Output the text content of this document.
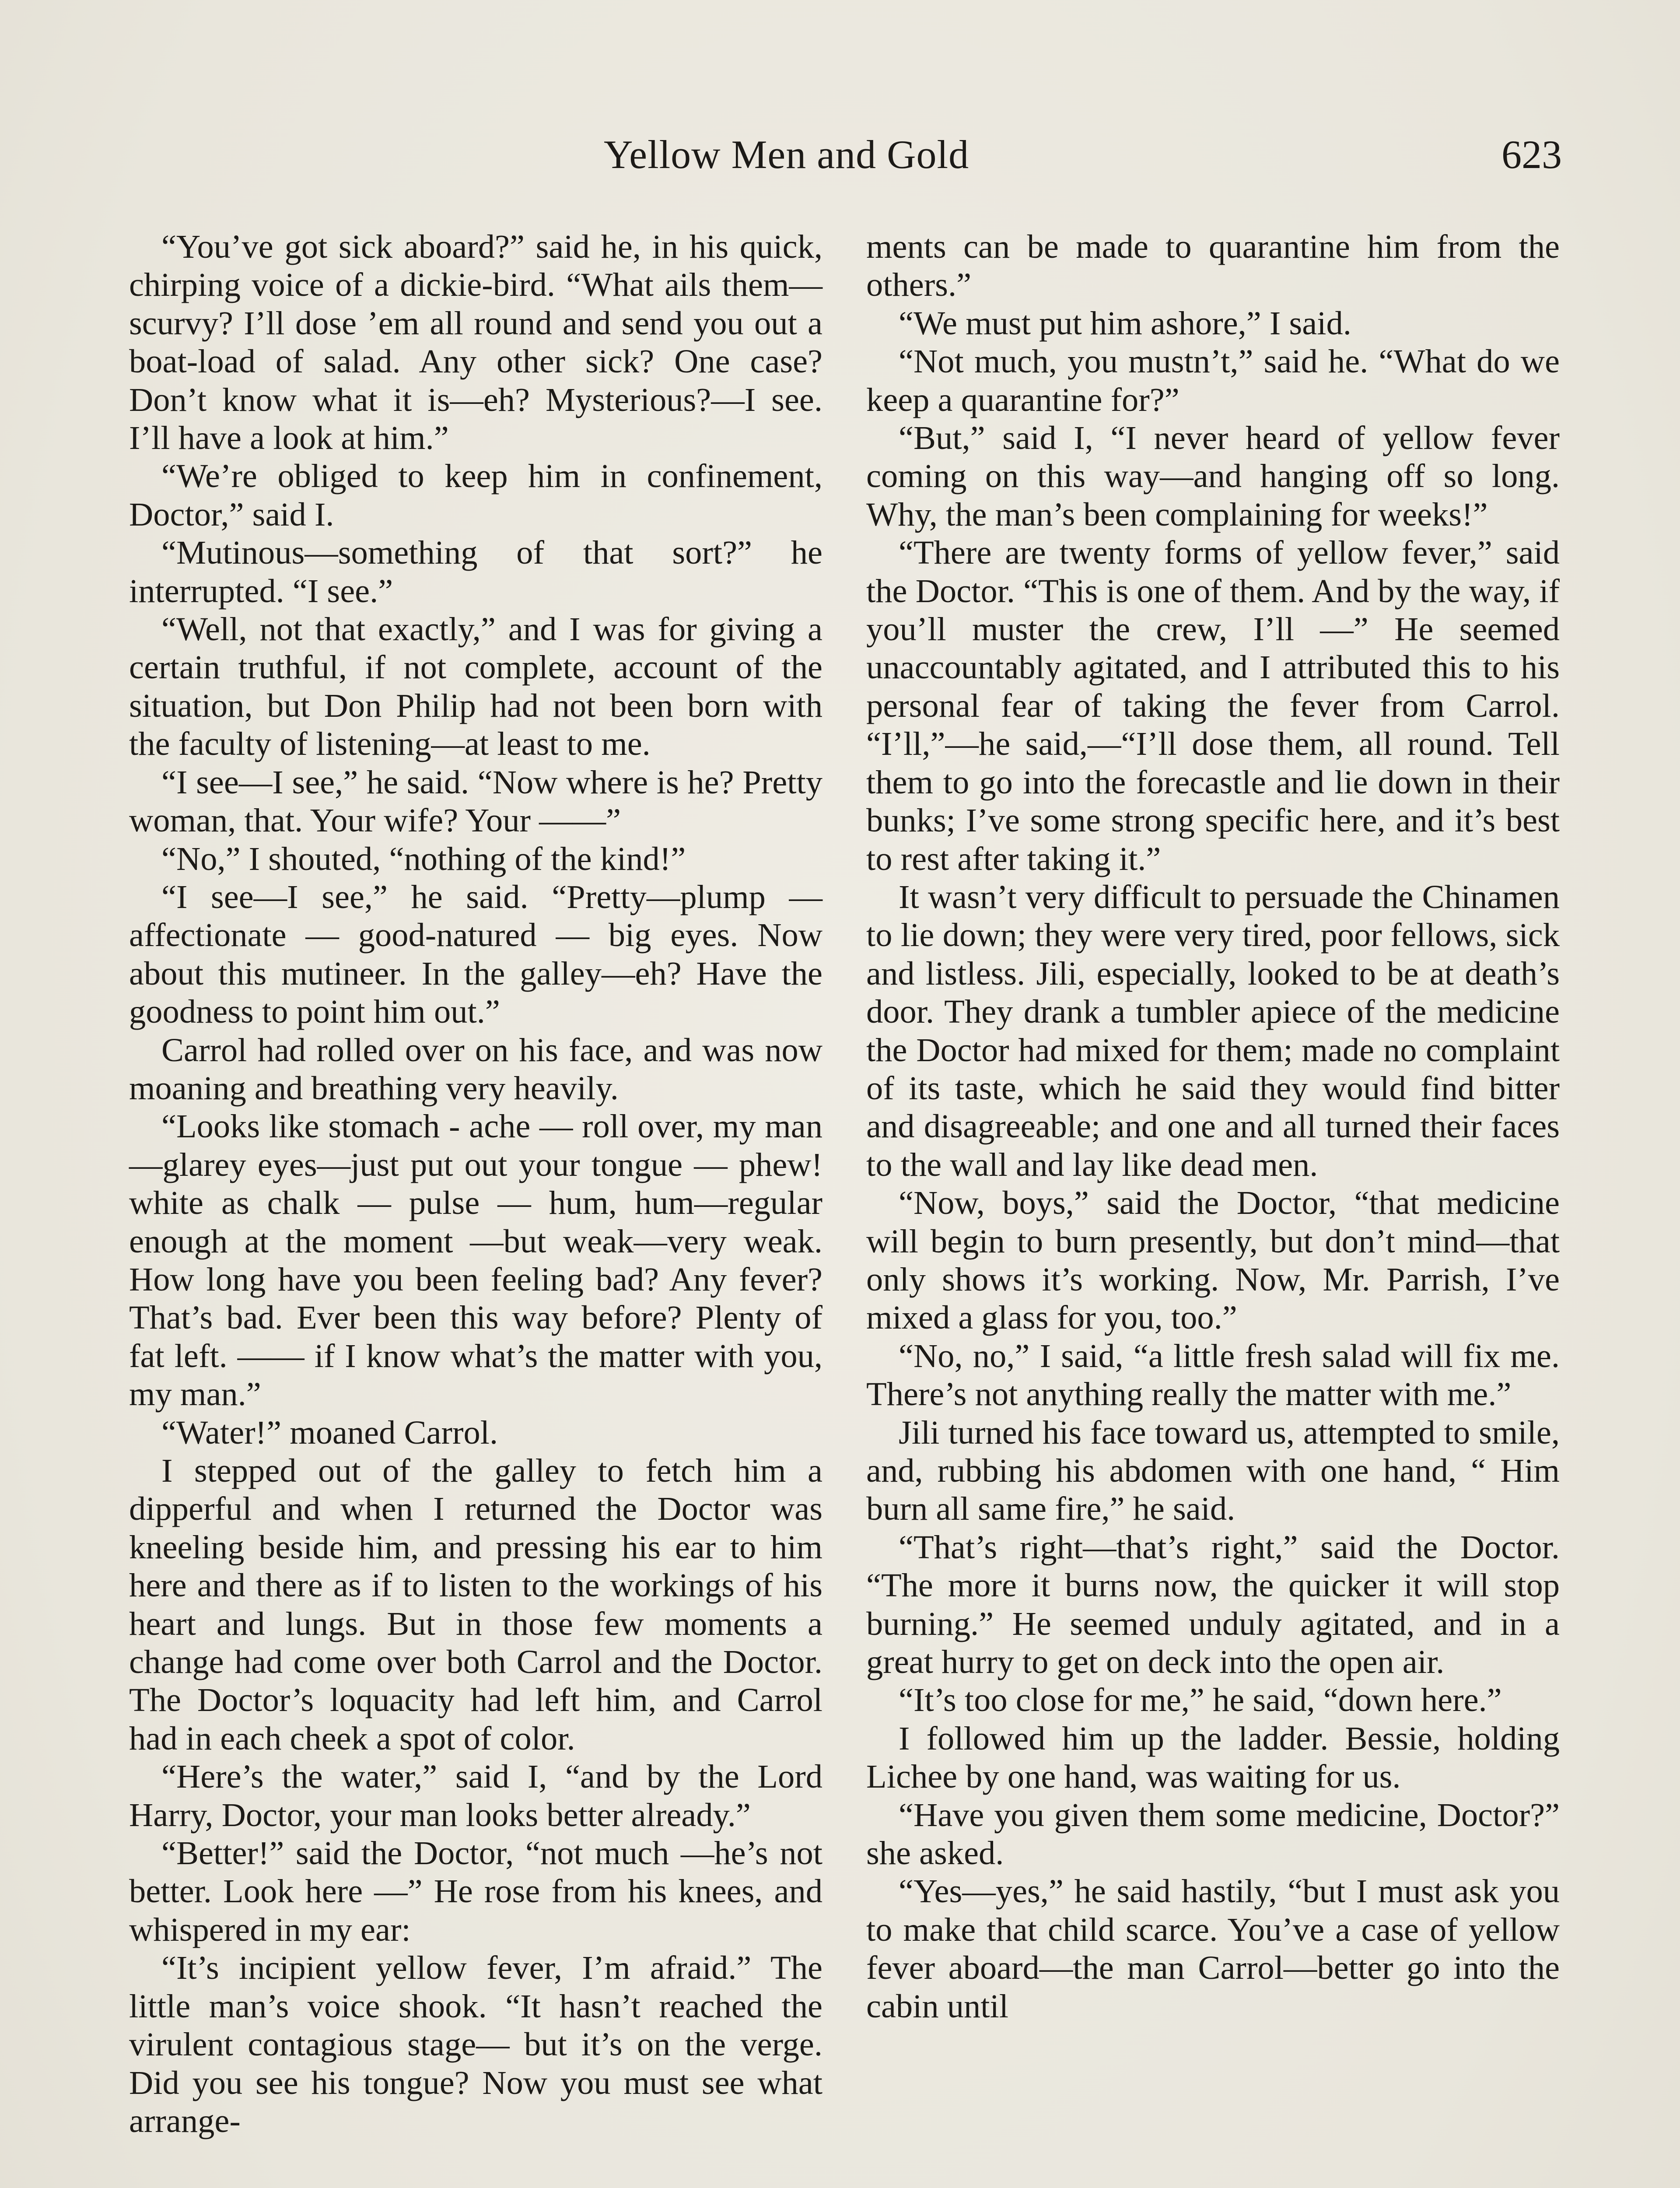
Yellow Men and Gold	623

“You’ve got sick aboard?” said he, in his quick, chirping voice of a dickie-bird. “What ails them—scurvy? I’ll dose ’em all round and send you out a boat-load of salad. Any other sick? One case? Don’t know what it is—eh? Mysterious?—I see. I’ll have a look at him.”

“We’re obliged to keep him in confinement, Doctor,” said I.

“Mutinous—something of that sort?” he interrupted. “I see.”

“Well, not that exactly,” and I was for giving a certain truthful, if not complete, account of the situation, but Don Philip had not been born with the faculty of listening—at least to me.

“I see—I see,” he said. “Now where is he? Pretty woman, that. Your wife? Your ——”

“No,” I shouted, “nothing of the kind!”

“I see—I see,” he said. “Pretty—plump — affectionate — good-natured — big eyes. Now about this mutineer. In the galley—eh? Have the goodness to point him out.”

Carrol had rolled over on his face, and was now moaning and breathing very heavily.

“Looks like stomach - ache — roll over, my man—glarey eyes—just put out your tongue — phew! white as chalk — pulse — hum, hum—regular enough at the moment —but weak—very weak. How long have you been feeling bad? Any fever? That’s bad. Ever been this way before? Plenty of fat left. —— if I know what’s the matter with you, my man.”

“Water!” moaned Carrol.

I stepped out of the galley to fetch him a dipperful and when I returned the Doctor was kneeling beside him, and pressing his ear to him here and there as if to listen to the workings of his heart and lungs. But in those few moments a change had come over both Carrol and the Doctor. The Doctor’s loquacity had left him, and Carrol had in each cheek a spot of color.

“Here’s the water,” said I, “and by the Lord Harry, Doctor, your man looks better already.”

“Better!” said the Doctor, “not much —he’s not better. Look here —” He rose from his knees, and whispered in my ear:

“It’s incipient yellow fever, I’m afraid.” The little man’s voice shook. “It hasn’t reached the virulent contagious stage— but it’s on the verge. Did you see his tongue? Now you must see what arrange-

ments can be made to quarantine him from the others.”

“We must put him ashore,” I said.

“Not much, you mustn’t,” said he. “What do we keep a quarantine for?”

“But,” said I, “I never heard of yellow fever coming on this way—and hanging off so long. Why, the man’s been complaining for weeks!”

“There are twenty forms of yellow fever,” said the Doctor. “This is one of them. And by the way, if you’ll muster the crew, I’ll —” He seemed unaccountably agitated, and I attributed this to his personal fear of taking the fever from Carrol. “I’ll,”—he said,—“I’ll dose them, all round. Tell them to go into the forecastle and lie down in their bunks; I’ve some strong specific here, and it’s best to rest after taking it.”

It wasn’t very difficult to persuade the Chinamen to lie down; they were very tired, poor fellows, sick and listless. Jili, especially, looked to be at death’s door. They drank a tumbler apiece of the medicine the Doctor had mixed for them; made no complaint of its taste, which he said they would find bitter and disagreeable; and one and all turned their faces to the wall and lay like dead men.

“Now, boys,” said the Doctor, “that medicine will begin to burn presently, but don’t mind—that only shows it’s working. Now, Mr. Parrish, I’ve mixed a glass for you, too.”

“No, no,” I said, “a little fresh salad will fix me. There’s not anything really the matter with me.”

Jili turned his face toward us, attempted to smile, and, rubbing his abdomen with one hand, “ Him burn all same fire,” he said.

“That’s right—that’s right,” said the Doctor. “The more it burns now, the quicker it will stop burning.” He seemed unduly agitated, and in a great hurry to get on deck into the open air.

“It’s too close for me,” he said, “down here.”

I followed him up the ladder. Bessie, holding Lichee by one hand, was waiting for us.

“Have you given them some medicine, Doctor?” she asked.

“Yes—yes,” he said hastily, “but I must ask you to make that child scarce. You’ve a case of yellow fever aboard—the man Carrol—better go into the cabin until
